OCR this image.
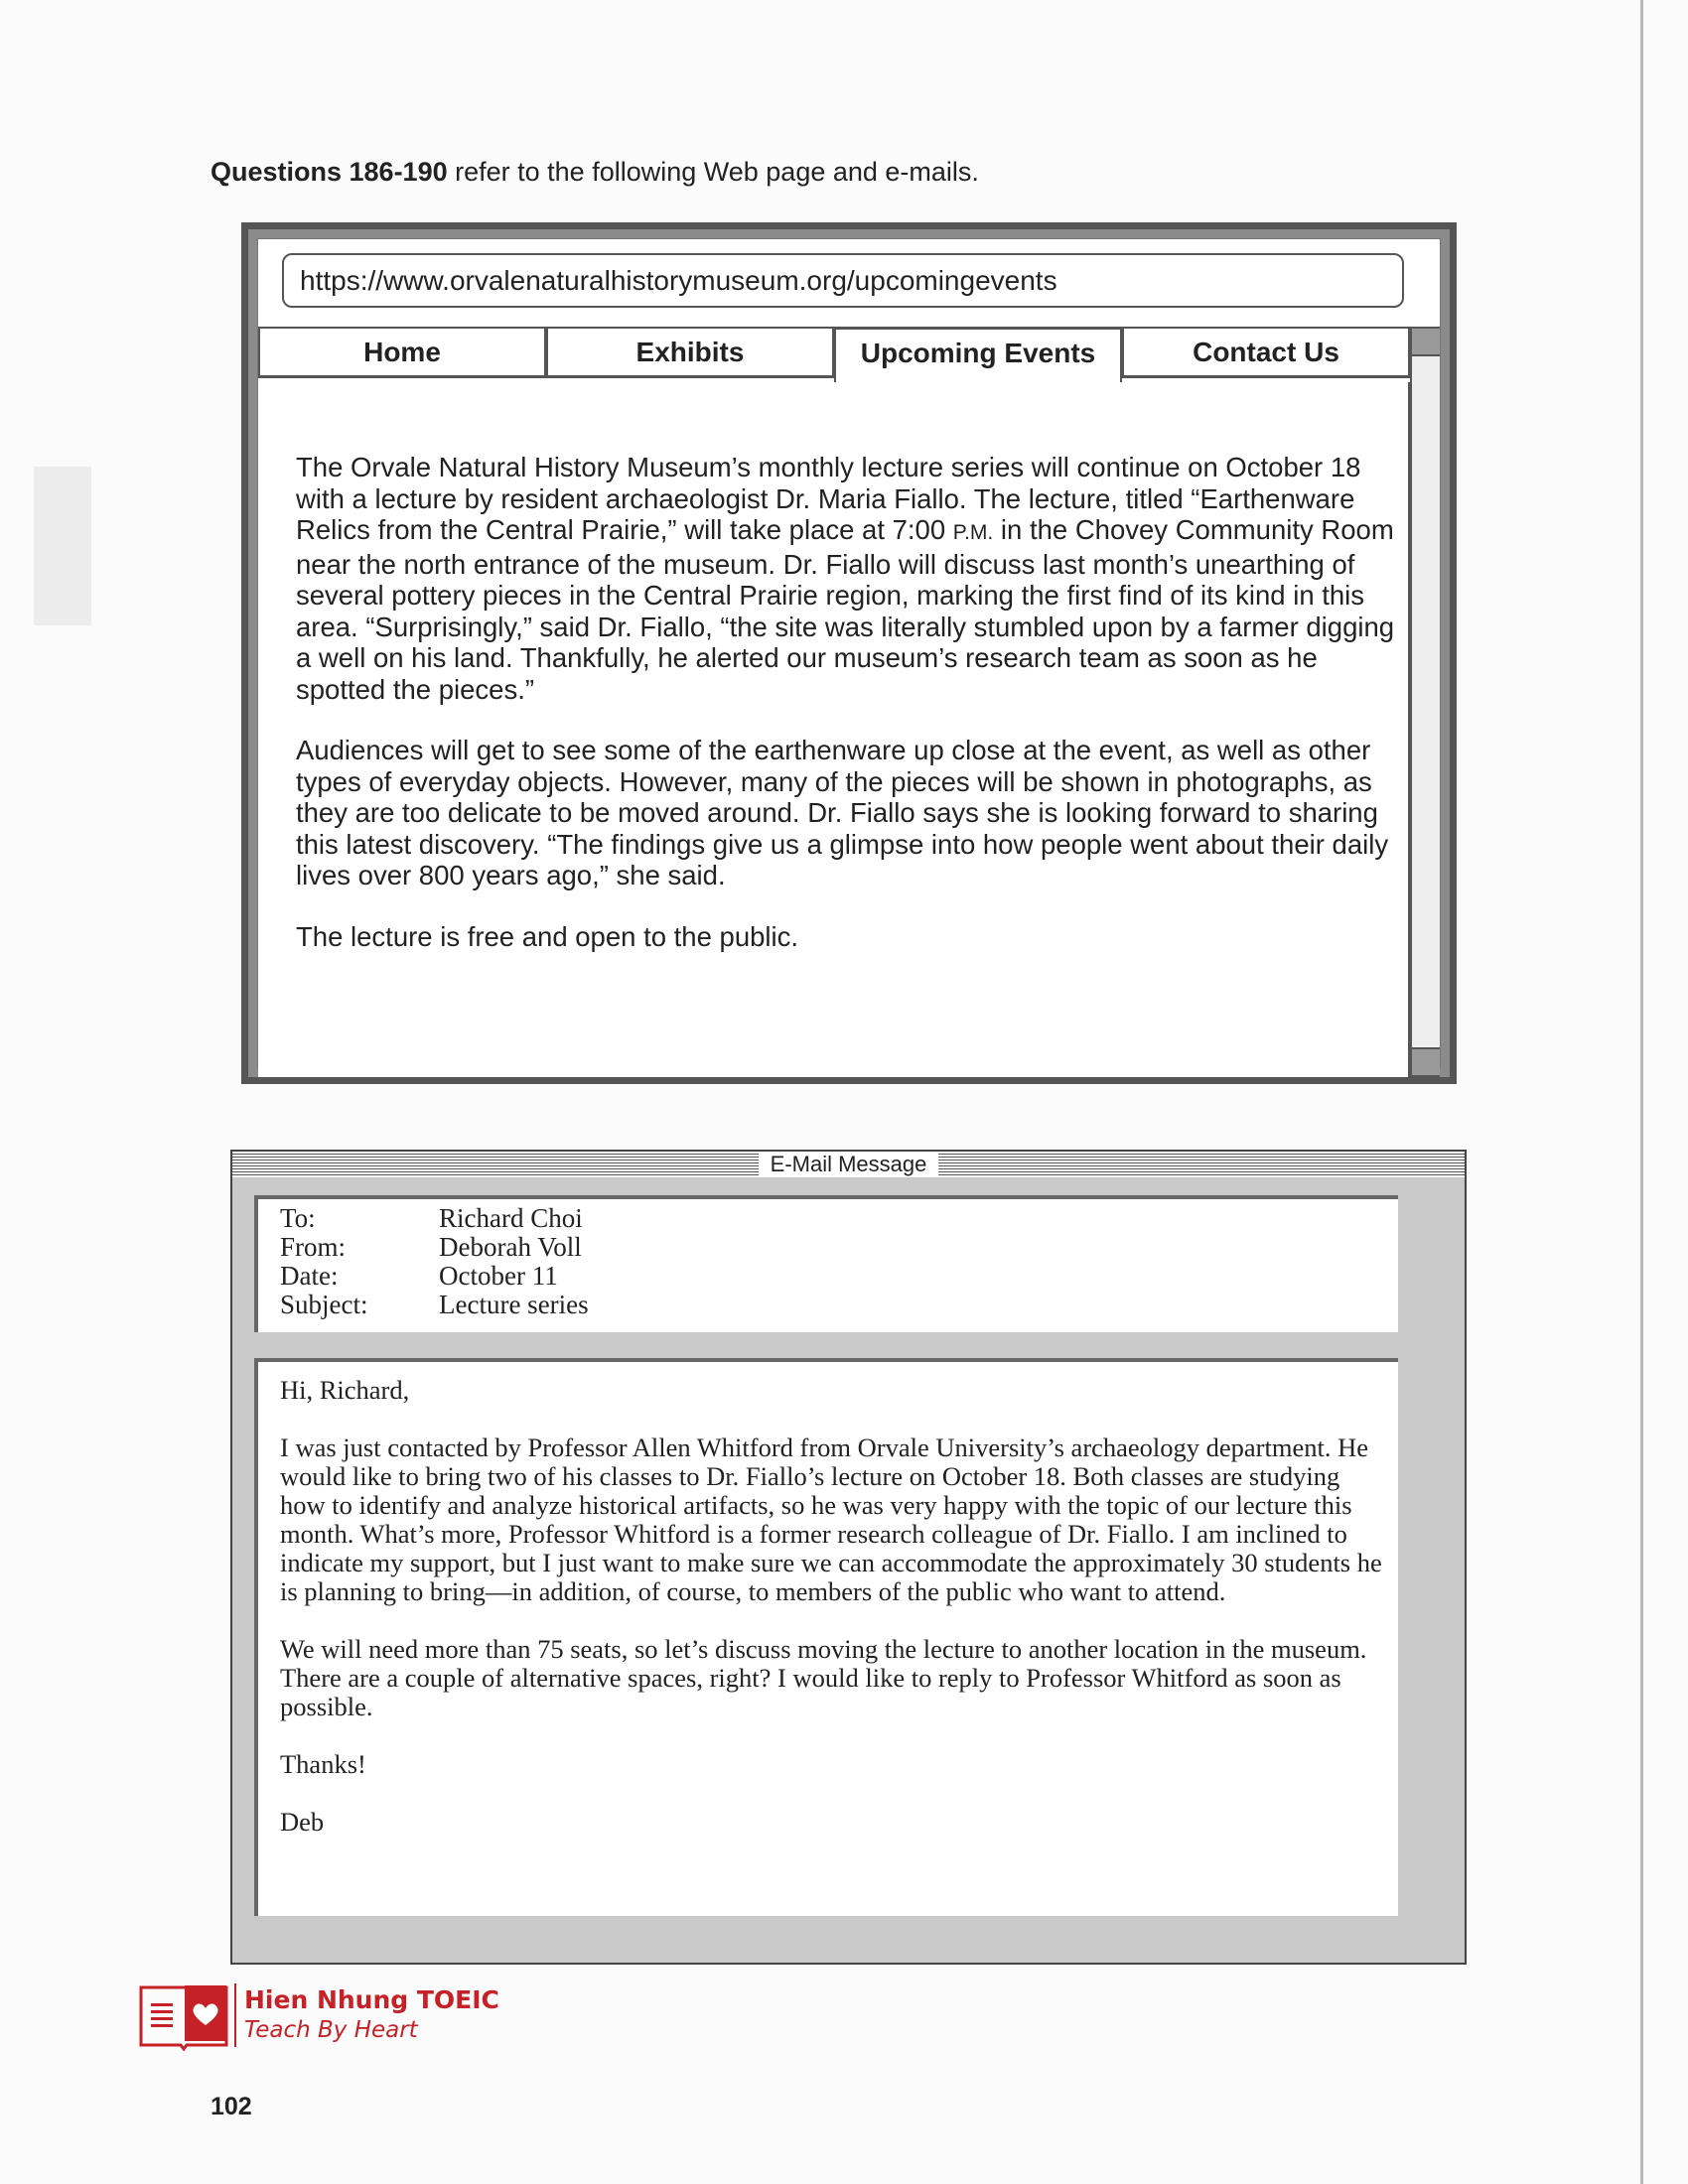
Questions 186-190 refer to the following Web page and e-mails.
https://www.orvalenaturalhistorymuseum.org/upcomingevents
Home	Exhibits	Upcoming Events	Contact Us

The Orvale Natural History Museum’s monthly lecture series will continue on October 18 with a lecture by resident archaeologist Dr. Maria Fiallo. The lecture, titled “Earthenware Relics from the Central Prairie,” will take place at 7:00 P.M. in the Chovey Community Room near the north entrance of the museum. Dr. Fiallo will discuss last month’s unearthing of several pottery pieces in the Central Prairie region, marking the first find of its kind in this area. “Surprisingly,” said Dr. Fiallo, “the site was literally stumbled upon by a farmer digging a well on his land. Thankfully, he alerted our museum’s research team as soon as he spotted the pieces.”

Audiences will get to see some of the earthenware up close at the event, as well as other types of everyday objects. However, many of the pieces will be shown in photographs, as they are too delicate to be moved around. Dr. Fiallo says she is looking forward to sharing this latest discovery. “The findings give us a glimpse into how people went about their daily lives over 800 years ago,” she said.

The lecture is free and open to the public.

E-Mail Message
To:	Richard Choi
From:	Deborah Voll
Date:	October 11
Subject:	Lecture series

Hi, Richard,

I was just contacted by Professor Allen Whitford from Orvale University’s archaeology department. He would like to bring two of his classes to Dr. Fiallo’s lecture on October 18. Both classes are studying how to identify and analyze historical artifacts, so he was very happy with the topic of our lecture this month. What’s more, Professor Whitford is a former research colleague of Dr. Fiallo. I am inclined to indicate my support, but I just want to make sure we can accommodate the approximately 30 students he is planning to bring—in addition, of course, to members of the public who want to attend.

We will need more than 75 seats, so let’s discuss moving the lecture to another location in the museum. There are a couple of alternative spaces, right? I would like to reply to Professor Whitford as soon as possible.

Thanks!

Deb

Hien Nhung TOEIC
Teach By Heart
102
